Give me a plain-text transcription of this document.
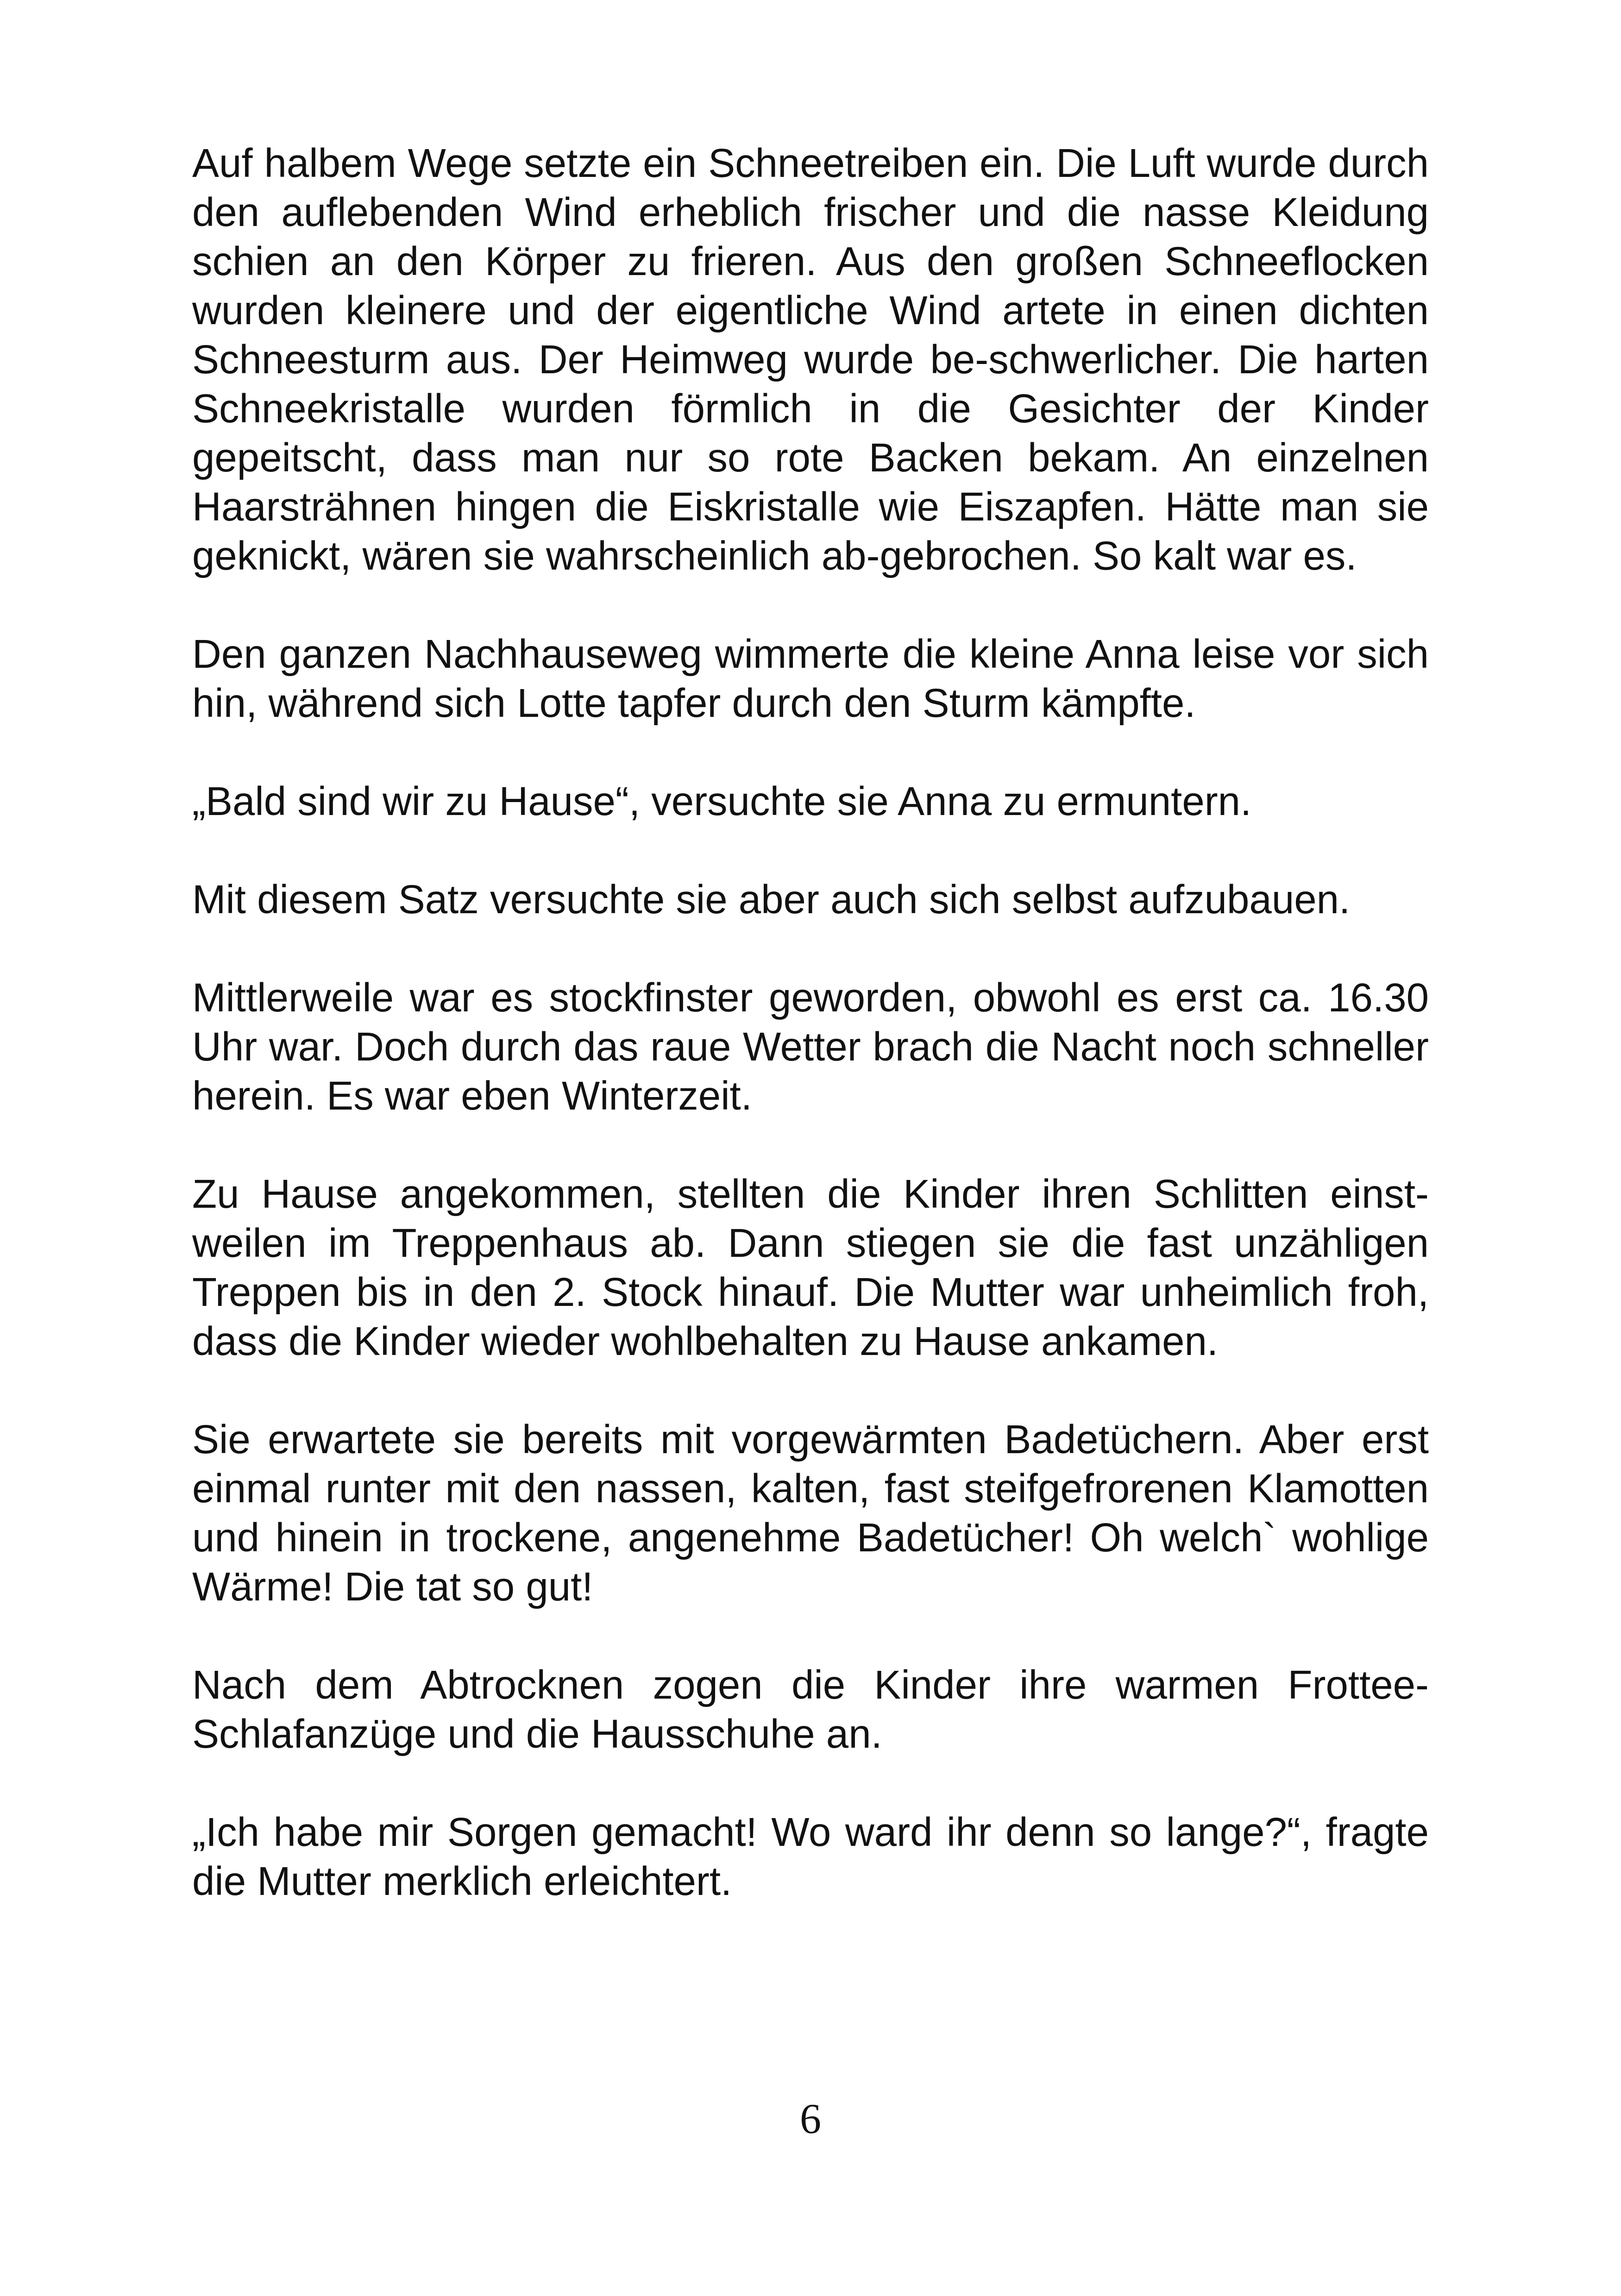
Auf halbem Wege setzte ein Schneetreiben ein. Die Luft wurde durch den auflebenden Wind erheblich frischer und die nasse Kleidung schien an den Körper zu frieren. Aus den großen Schneeflocken wurden kleinere und der eigentliche Wind artete in einen dichten Schneesturm aus. Der Heimweg wurde be-schwerlicher. Die harten Schneekristalle wurden förmlich in die Gesichter der Kinder gepeitscht, dass man nur so rote Backen bekam. An einzelnen Haarsträhnen hingen die Eiskristalle wie Eiszapfen. Hätte man sie geknickt, wären sie wahrscheinlich ab-gebrochen. So kalt war es.

Den ganzen Nachhauseweg wimmerte die kleine Anna leise vor sich hin, während sich Lotte tapfer durch den Sturm kämpfte.

„Bald sind wir zu Hause“, versuchte sie Anna zu ermuntern.

Mit diesem Satz versuchte sie aber auch sich selbst aufzubauen.

Mittlerweile war es stockfinster geworden, obwohl es erst ca. 16.30 Uhr war. Doch durch das raue Wetter brach die Nacht noch schneller herein. Es war eben Winterzeit.

Zu Hause angekommen, stellten die Kinder ihren Schlitten einst-weilen im Treppenhaus ab. Dann stiegen sie die fast unzähligen Treppen bis in den 2. Stock hinauf. Die Mutter war unheimlich froh, dass die Kinder wieder wohlbehalten zu Hause ankamen.

Sie erwartete sie bereits mit vorgewärmten Badetüchern. Aber erst einmal runter mit den nassen, kalten, fast steifgefrorenen Klamotten und hinein in trockene, angenehme Badetücher! Oh welch` wohlige Wärme! Die tat so gut!

Nach dem Abtrocknen zogen die Kinder ihre warmen Frottee-Schlafanzüge und die Hausschuhe an.

„Ich habe mir Sorgen gemacht! Wo ward ihr denn so lange?“, fragte die Mutter merklich erleichtert.

6
